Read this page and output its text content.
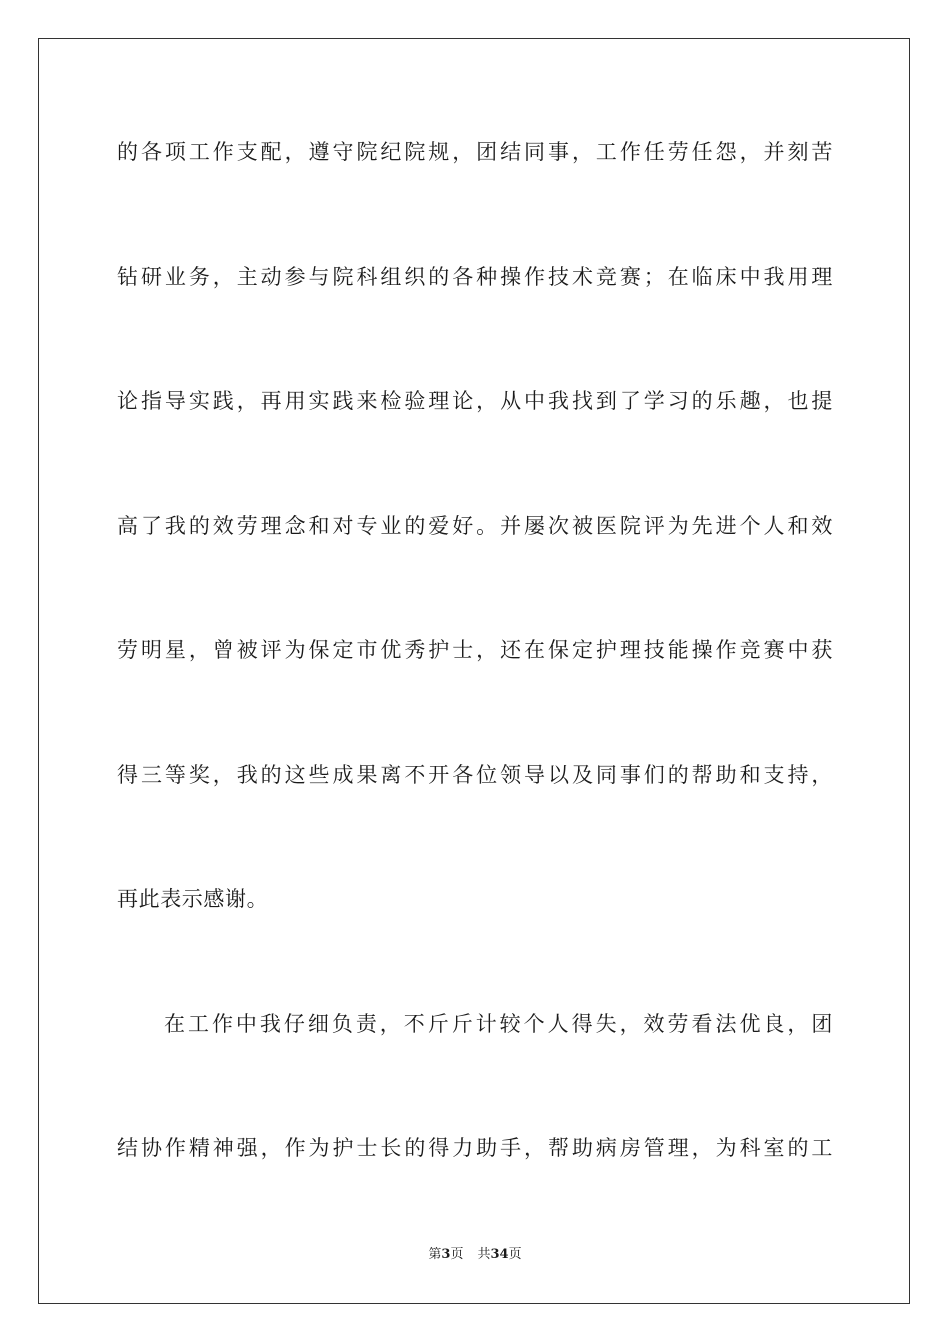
的各项工作支配，遵守院纪院规，团结同事，工作任劳任怨，并刻苦
钻研业务，主动参与院科组织的各种操作技术竞赛；在临床中我用理
论指导实践，再用实践来检验理论，从中我找到了学习的乐趣，也提
高了我的效劳理念和对专业的爱好。并屡次被医院评为先进个人和效
劳明星，曾被评为保定市优秀护士，还在保定护理技能操作竞赛中获
得三等奖，我的这些成果离不开各位领导以及同事们的帮助和支持，
再此表示感谢。
在工作中我仔细负责，不斤斤计较个人得失，效劳看法优良，团
结协作精神强，作为护士长的得力助手，帮助病房管理，为科室的工
第3页 共34页
